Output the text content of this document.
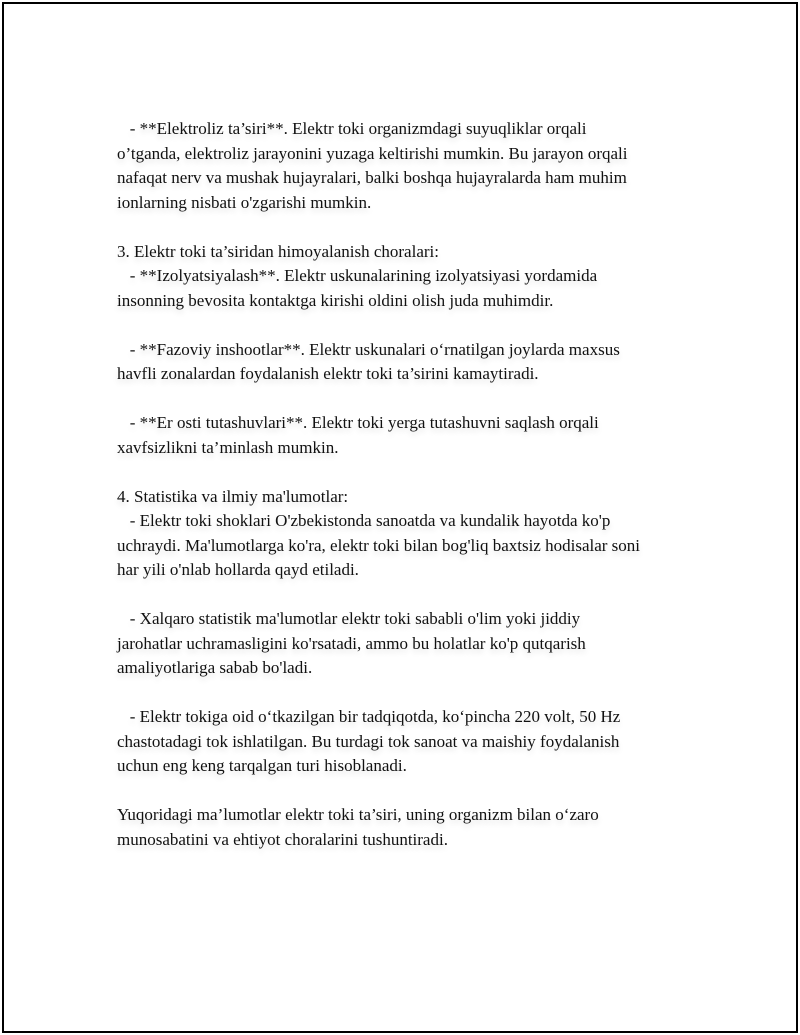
- **Elektroliz ta’siri**. Elektr toki organizmdagi suyuqliklar orqali
o’tganda, elektroliz jarayonini yuzaga keltirishi mumkin. Bu jarayon orqali
nafaqat nerv va mushak hujayralari, balki boshqa hujayralarda ham muhim
ionlarning nisbati o'zgarishi mumkin.
3. Elektr toki ta’siridan himoyalanish choralari:
- **Izolyatsiyalash**. Elektr uskunalarining izolyatsiyasi yordamida
insonning bevosita kontaktga kirishi oldini olish juda muhimdir.
- **Fazoviy inshootlar**. Elektr uskunalari o‘rnatilgan joylarda maxsus
havfli zonalardan foydalanish elektr toki ta’sirini kamaytiradi.
- **Er osti tutashuvlari**. Elektr toki yerga tutashuvni saqlash orqali
xavfsizlikni ta’minlash mumkin.
4. Statistika va ilmiy ma'lumotlar:
- Elektr toki shoklari O'zbekistonda sanoatda va kundalik hayotda ko'p
uchraydi. Ma'lumotlarga ko'ra, elektr toki bilan bog'liq baxtsiz hodisalar soni
har yili o'nlab hollarda qayd etiladi.
- Xalqaro statistik ma'lumotlar elektr toki sababli o'lim yoki jiddiy
jarohatlar uchramasligini ko'rsatadi, ammo bu holatlar ko'p qutqarish
amaliyotlariga sabab bo'ladi.
- Elektr tokiga oid o‘tkazilgan bir tadqiqotda, ko‘pincha 220 volt, 50 Hz
chastotadagi tok ishlatilgan. Bu turdagi tok sanoat va maishiy foydalanish
uchun eng keng tarqalgan turi hisoblanadi.
Yuqoridagi ma’lumotlar elektr toki ta’siri, uning organizm bilan o‘zaro
munosabatini va ehtiyot choralarini tushuntiradi.
